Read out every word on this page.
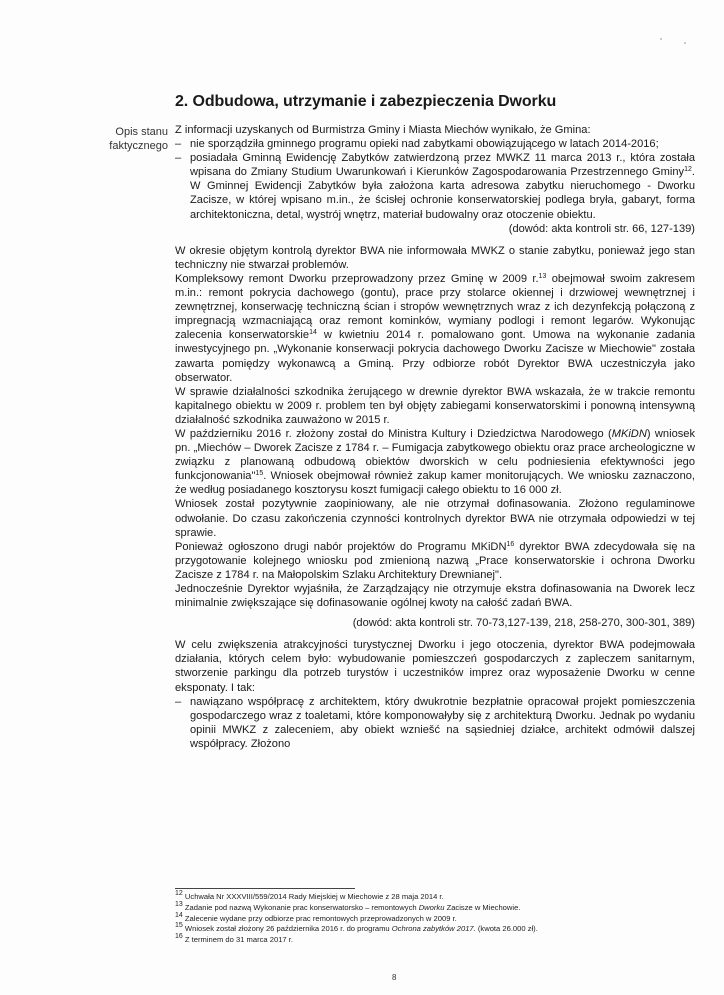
2. Odbudowa, utrzymanie i zabezpieczenia Dworku
Opis stanu
faktycznego

Z informacji uzyskanych od Burmistrza Gminy i Miasta Miechów wynikało, że Gmina:

– nie sporządziła gminnego programu opieki nad zabytkami obowiązującego w latach 2014-2016;
– posiadała Gminną Ewidencję Zabytków zatwierdzoną przez MWKZ 11 marca 2013 r., która została wpisana do Zmiany Studium Uwarunkowań i Kierunków Zagospodarowania Przestrzennego Gminy$^{12}$. W Gminnej Ewidencji Zabytków była założona karta adresowa zabytku nieruchomego - Dworku Zacisze, w której wpisano m.in., że ścisłej ochronie konserwatorskiej podlega bryła, gabaryt, forma architektoniczna, detal, wystrój wnętrz, materiał budowalny oraz otoczenie obiektu.

(dowód: akta kontroli str. 66, 127-139)

W okresie objętym kontrolą dyrektor BWA nie informowała MWKZ o stanie zabytku, ponieważ jego stan techniczny nie stwarzał problemów.

Kompleksowy remont Dworku przeprowadzony przez Gminę w 2009 r.$^{13}$ obejmował swoim zakresem m.in.: remont pokrycia dachowego (gontu), prace przy stolarce okiennej i drzwiowej wewnętrznej i zewnętrznej, konserwację techniczną ścian i stropów wewnętrznych wraz z ich dezynfekcją połączoną z impregnacją wzmacniającą oraz remont kominków, wymiany podlogi i remont legarów. Wykonując zalecenia konserwatorskie$^{14}$ w kwietniu 2014 r. pomalowano gont. Umowa na wykonanie zadania inwestycyjnego pn. „Wykonanie konserwacji pokrycia dachowego Dworku Zacisze w Miechowie" została zawarta pomiędzy wykonawcą a Gminą. Przy odbiorze robót Dyrektor BWA uczestniczyła jako obserwator.

W sprawie działalności szkodnika żerującego w drewnie dyrektor BWA wskazała, że w trakcie remontu kapitalnego obiektu w 2009 r. problem ten był objęty zabiegami konserwatorskimi i ponowną intensywną działalność szkodnika zauważono w 2015 r.

W październiku 2016 r. złożony został do Ministra Kultury i Dziedzictwa Narodowego (MKiDN) wniosek pn. „Miechów – Dworek Zacisze z 1784 r. – Fumigacja zabytkowego obiektu oraz prace archeologiczne w związku z planowaną odbudową obiektów dworskich w celu podniesienia efektywności jego funkcjonowania"$^{15}$. Wniosek obejmował również zakup kamer monitorujących. We wniosku zaznaczono, że według posiadanego kosztorysu koszt fumigacji całego obiektu to 16 000 zł.

Wniosek został pozytywnie zaopiniowany, ale nie otrzymał dofinasowania. Złożono regulaminowe odwołanie. Do czasu zakończenia czynności kontrolnych dyrektor BWA nie otrzymała odpowiedzi w tej sprawie.

Ponieważ ogłoszono drugi nabór projektów do Programu MKiDN$^{16}$ dyrektor BWA zdecydowała się na przygotowanie kolejnego wniosku pod zmienioną nazwą „Prace konserwatorskie i ochrona Dworku Zacisze z 1784 r. na Małopolskim Szlaku Architektury Drewnianej".

Jednocześnie Dyrektor wyjaśniła, że Zarządzający nie otrzymuje ekstra dofinasowania na Dworek lecz minimalnie zwiększające się dofinasowanie ogólnej kwoty na całość zadań BWA.

(dowód: akta kontroli str. 70-73,127-139, 218, 258-270, 300-301, 389)

W celu zwiększenia atrakcyjności turystycznej Dworku i jego otoczenia, dyrektor BWA podejmowała działania, których celem było: wybudowanie pomieszczeń gospodarczych z zapleczem sanitarnym, stworzenie parkingu dla potrzeb turystów i uczestników imprez oraz wyposażenie Dworku w cenne eksponaty. I tak:

– nawiązano współpracę z architektem, który dwukrotnie bezpłatnie opracował projekt pomieszczenia gospodarczego wraz z toaletami, które komponowałyby się z architekturą Dworku. Jednak po wydaniu opinii MWKZ z zaleceniem, aby obiekt wzniešć na sąsiedniej działce, architekt odmówił dalszej współpracy. Złożono
$^{12}$ Uchwała Nr XXXVIII/559/2014 Rady Miejskiej w Miechowie z 28 maja 2014 r.
$^{13}$ Zadanie pod nazwą Wykonanie prac konserwatorsko – remontowych Dworku Zacisze w Miechowie.
$^{14}$ Zalecenie wydane przy odbiorze prac remontowych przeprowadzonych w 2009 r.
$^{15}$ Wniosek został złożony 26 października 2016 r. do programu Ochrona zabytków 2017. (kwota 26.000 zł).
$^{16}$ Z terminem do 31 marca 2017 r.
8
